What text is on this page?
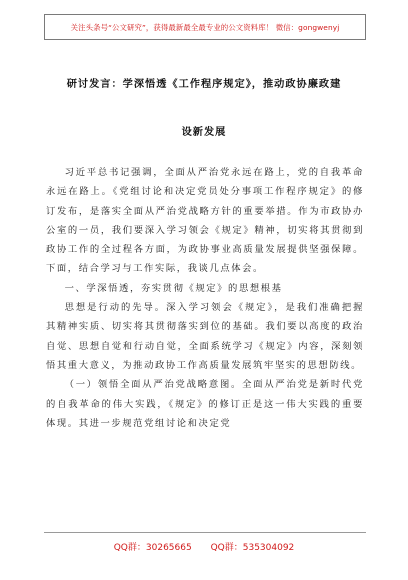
关注头条号“公文研究”，获得最新最全最专业的公文资料库！ 微信：gongwenyj
研讨发言：学深悟透《工作程序规定》，推动政协廉政建
设新发展

习近平总书记强调，全面从严治党永远在路上，党的自我革命永远在路上。《党组讨论和决定党员处分事项工作程序规定》的修订发布，是落实全面从严治党战略方针的重要举措。作为市政协办公室的一员，我们要深入学习领会《规定》精神，切实将其贯彻到政协工作的全过程各方面，为政协事业高质量发展提供坚强保障。下面，结合学习与工作实际，我谈几点体会。

一、学深悟透，夯实贯彻《规定》的思想根基

思想是行动的先导。深入学习领会《规定》，是我们准确把握其精神实质、切实将其贯彻落实到位的基础。我们要以高度的政治自觉、思想自觉和行动自觉，全面系统学习《规定》内容，深刻领悟其重大意义，为推动政协工作高质量发展筑牢坚实的思想防线。

（一）领悟全面从严治党战略意图。全面从严治党是新时代党的自我革命的伟大实践，《规定》的修订正是这一伟大实践的重要体现。其进一步规范党组讨论和决定党

QQ群：30265665 QQ群：535304092
